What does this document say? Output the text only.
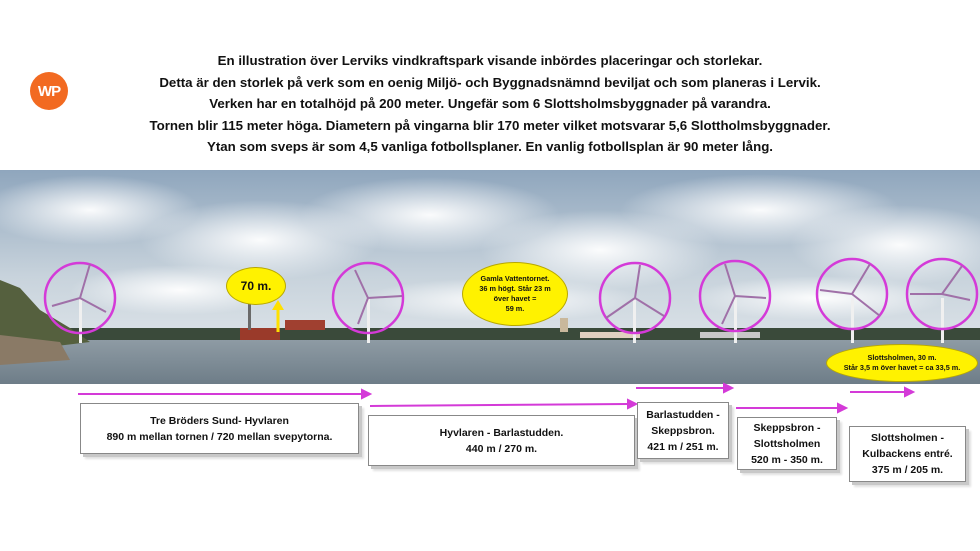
WP
En illustration över Lerviks vindkraftspark visande inbördes placeringar och storlekar.
Detta är den storlek på verk som en oenig Miljö- och Byggnadsnämnd beviljat och som planeras i Lervik.
Verken har en totalhöjd på 200 meter. Ungefär som 6 Slottsholmsbyggnader på varandra.
Tornen blir 115 meter höga. Diametern på vingarna blir 170 meter vilket motsvarar 5,6 Slottholmsbyggnader.
Ytan som sveps är som 4,5 vanliga fotbollsplaner. En vanlig fotbollsplan är 90 meter lång.
70 m.
Gamla Vattentornet.
36 m högt. Står 23 m
över havet =
59 m.
Slottsholmen, 30 m.
Står 3,5 m över havet = ca 33,5 m.
Tre Bröders Sund- Hyvlaren
890 m mellan tornen / 720 mellan svepytorna.	Hyvlaren - Barlastudden.
440 m / 270 m.
Barlastudden -
Skeppsbron.
421 m / 251 m.
Skeppsbron -
Slottsholmen
520 m - 350 m.
Slottsholmen -
Kulbackens entré.
375 m / 205 m.
